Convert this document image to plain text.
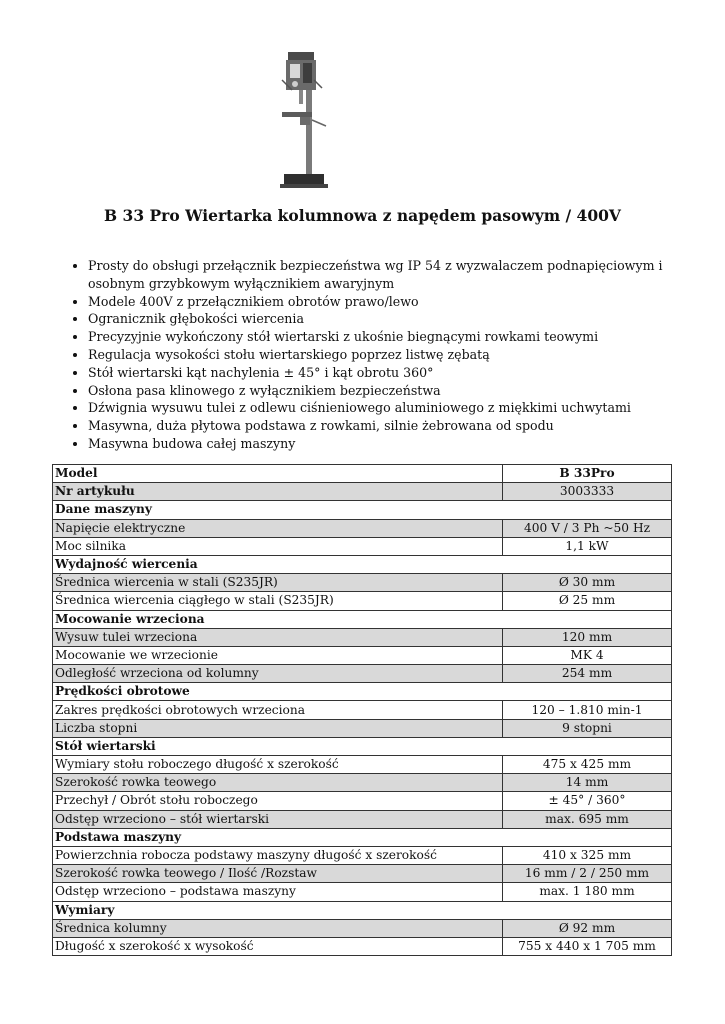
B 33 Pro Wiertarka kolumnowa z napędem pasowym / 400V
• Prosty do obsługi przełącznik bezpieczeństwa wg IP 54 z wyzwalaczem podnapięciowym i osobnym grzybkowym wyłącznikiem awaryjnym
• Modele 400V z przełącznikiem obrotów prawo/lewo
• Ogranicznik głębokości wiercenia
• Precyzyjnie wykończony stół wiertarski z ukośnie biegnącymi rowkami teowymi
• Regulacja wysokości stołu wiertarskiego poprzez listwę zębatą
• Stół wiertarski kąt nachylenia ± 45° i kąt obrotu 360°
• Osłona pasa klinowego z wyłącznikiem bezpieczeństwa
• Dźwignia wysuwu tulei z odlewu ciśnieniowego aluminiowego z miękkimi uchwytami
• Masywna, duża płytowa podstawa z rowkami, silnie żebrowana od spodu
• Masywna budowa całej maszyny
Model	B 33Pro
Nr artykułu	3003333
Dane maszyny	
Napięcie elektryczne	400 V / 3 Ph ~50 Hz
Moc silnika	1,1 kW
Wydajność wiercenia	
Średnica wiercenia w stali (S235JR)	Ø 30 mm
Średnica wiercenia ciągłego w stali (S235JR)	Ø 25 mm
Mocowanie wrzeciona	
Wysuw tulei wrzeciona	120 mm
Mocowanie we wrzecionie	MK 4
Odległość wrzeciona od kolumny	254 mm
Prędkości obrotowe	
Zakres prędkości obrotowych wrzeciona	120 – 1.810 min-1
Liczba stopni	9 stopni
Stół wiertarski	
Wymiary stołu roboczego długość x szerokość	475 x 425 mm
Szerokość rowka teowego	14 mm
Przechył / Obrót stołu roboczego	± 45° / 360°
Odstęp wrzeciono – stół wiertarski	max. 695 mm
Podstawa maszyny	
Powierzchnia robocza podstawy maszyny długość x szerokość	410 x 325 mm
Szerokość rowka teowego / Ilość /Rozstaw	16 mm / 2 / 250 mm
Odstęp wrzeciono – podstawa maszyny	max. 1 180 mm
Wymiary	
Średnica kolumny	Ø 92 mm
Długość x szerokość x wysokość	755 x 440 x 1 705 mm
